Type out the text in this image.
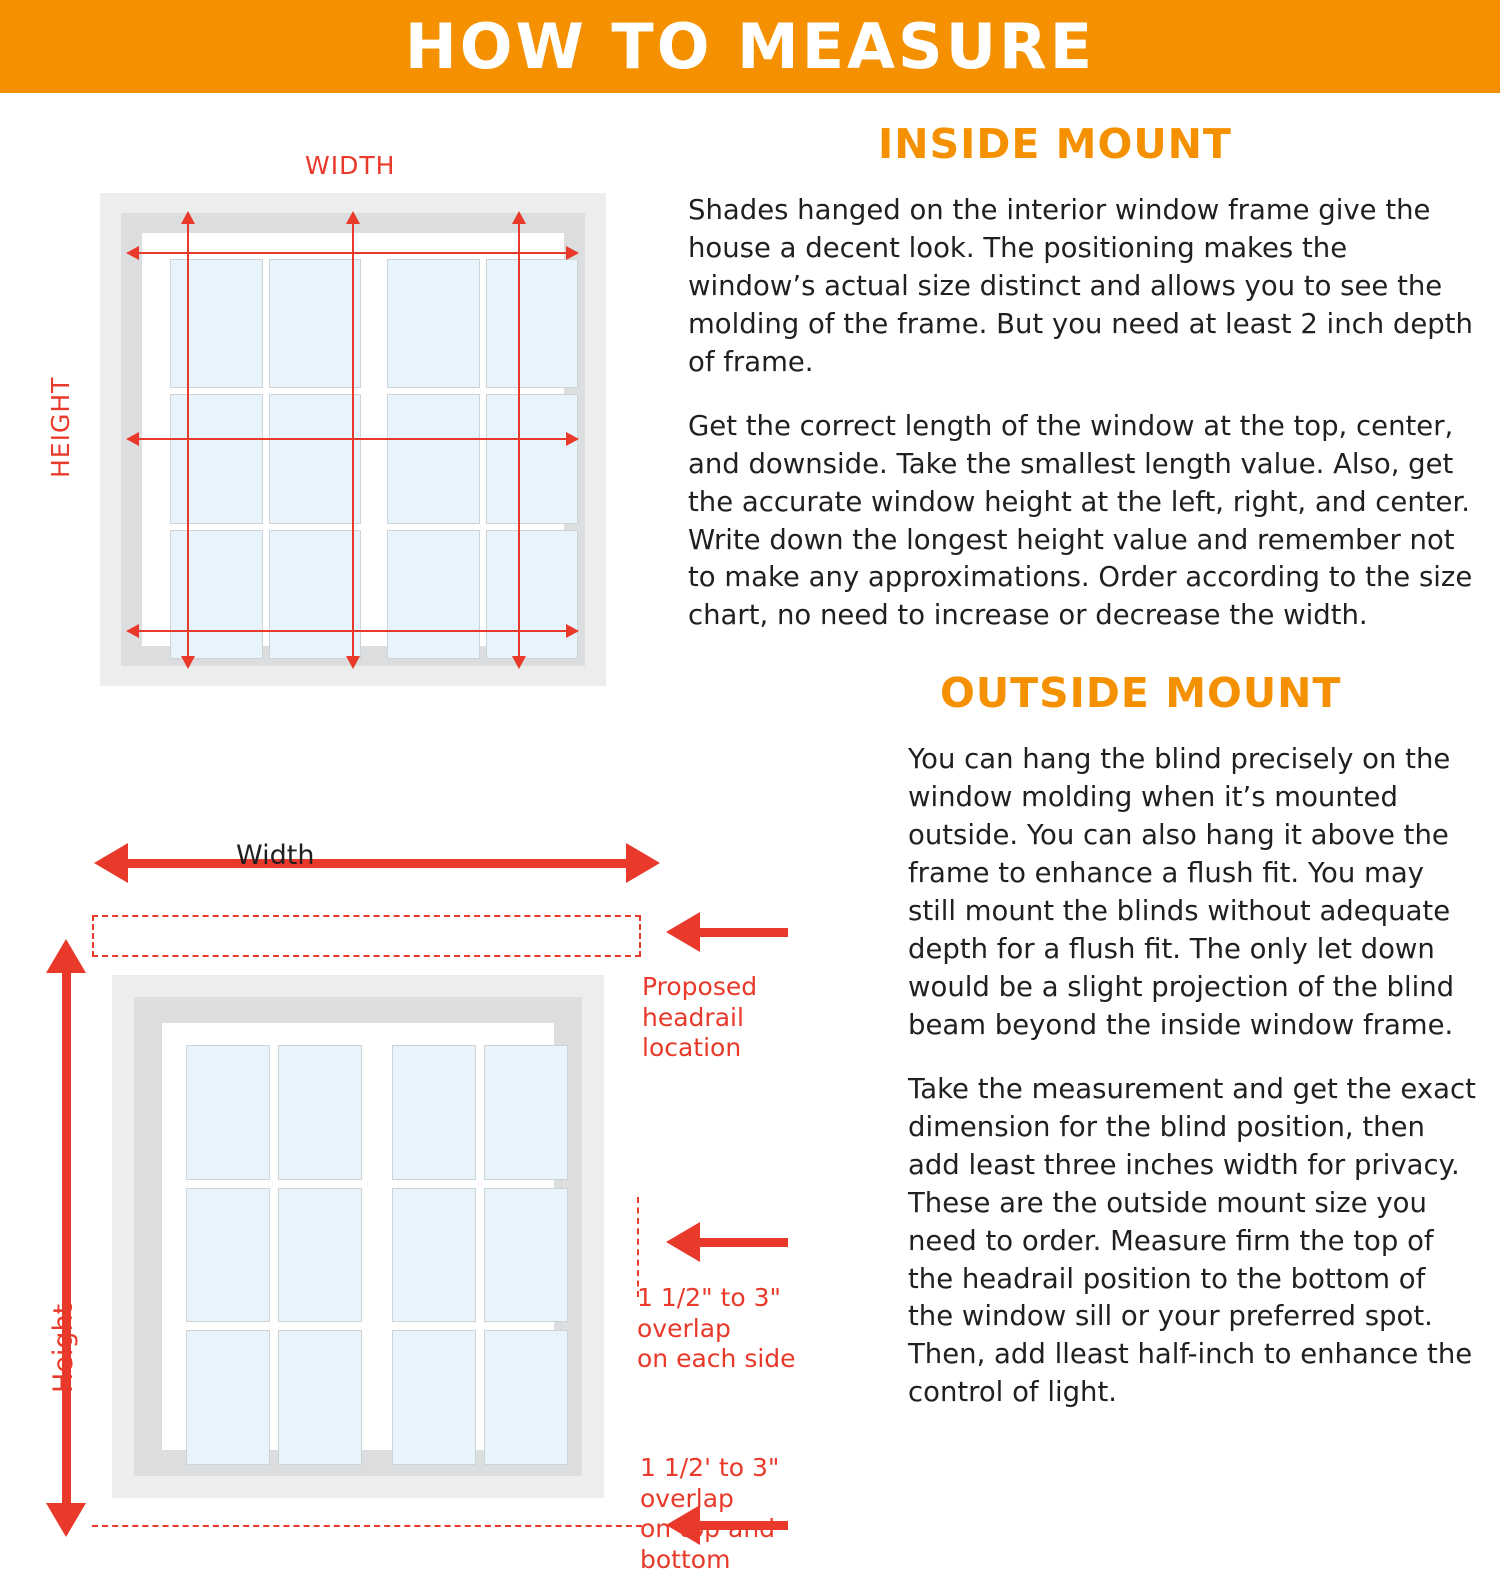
HOW TO MEASURE
WIDTH
HEIGHT
Width
Height
Proposed headrail
location
1 1/2" to 3" overlap
on each side
1 1/2' to 3" overlap
on top and bottom
INSIDE MOUNT

Shades hanged on the interior window frame give the house a decent look. The positioning makes the window’s actual size distinct and allows you to see the molding of the frame. But you need at least 2 inch depth of frame.

Get the correct length of the window at the top, center, and downside. Take the smallest length value. Also, get the accurate window height at the left, right, and center. Write down the longest height value and remember not to make any approximations. Order according to the size chart, no need to increase or decrease the width.

OUTSIDE MOUNT

You can hang the blind precisely on the window molding when it’s mounted outside. You can also hang it above the frame to enhance a flush fit. You may still mount the blinds without adequate depth for a flush fit. The only let down would be a slight projection of the blind beam beyond the inside window frame.

Take the measurement and get the exact dimension for the blind position, then add least three inches width for privacy. These are the outside mount size you need to order. Measure firm the top of the headrail position to the bottom of the window sill or your preferred spot. Then, add lleast half-inch to enhance the control of light.
